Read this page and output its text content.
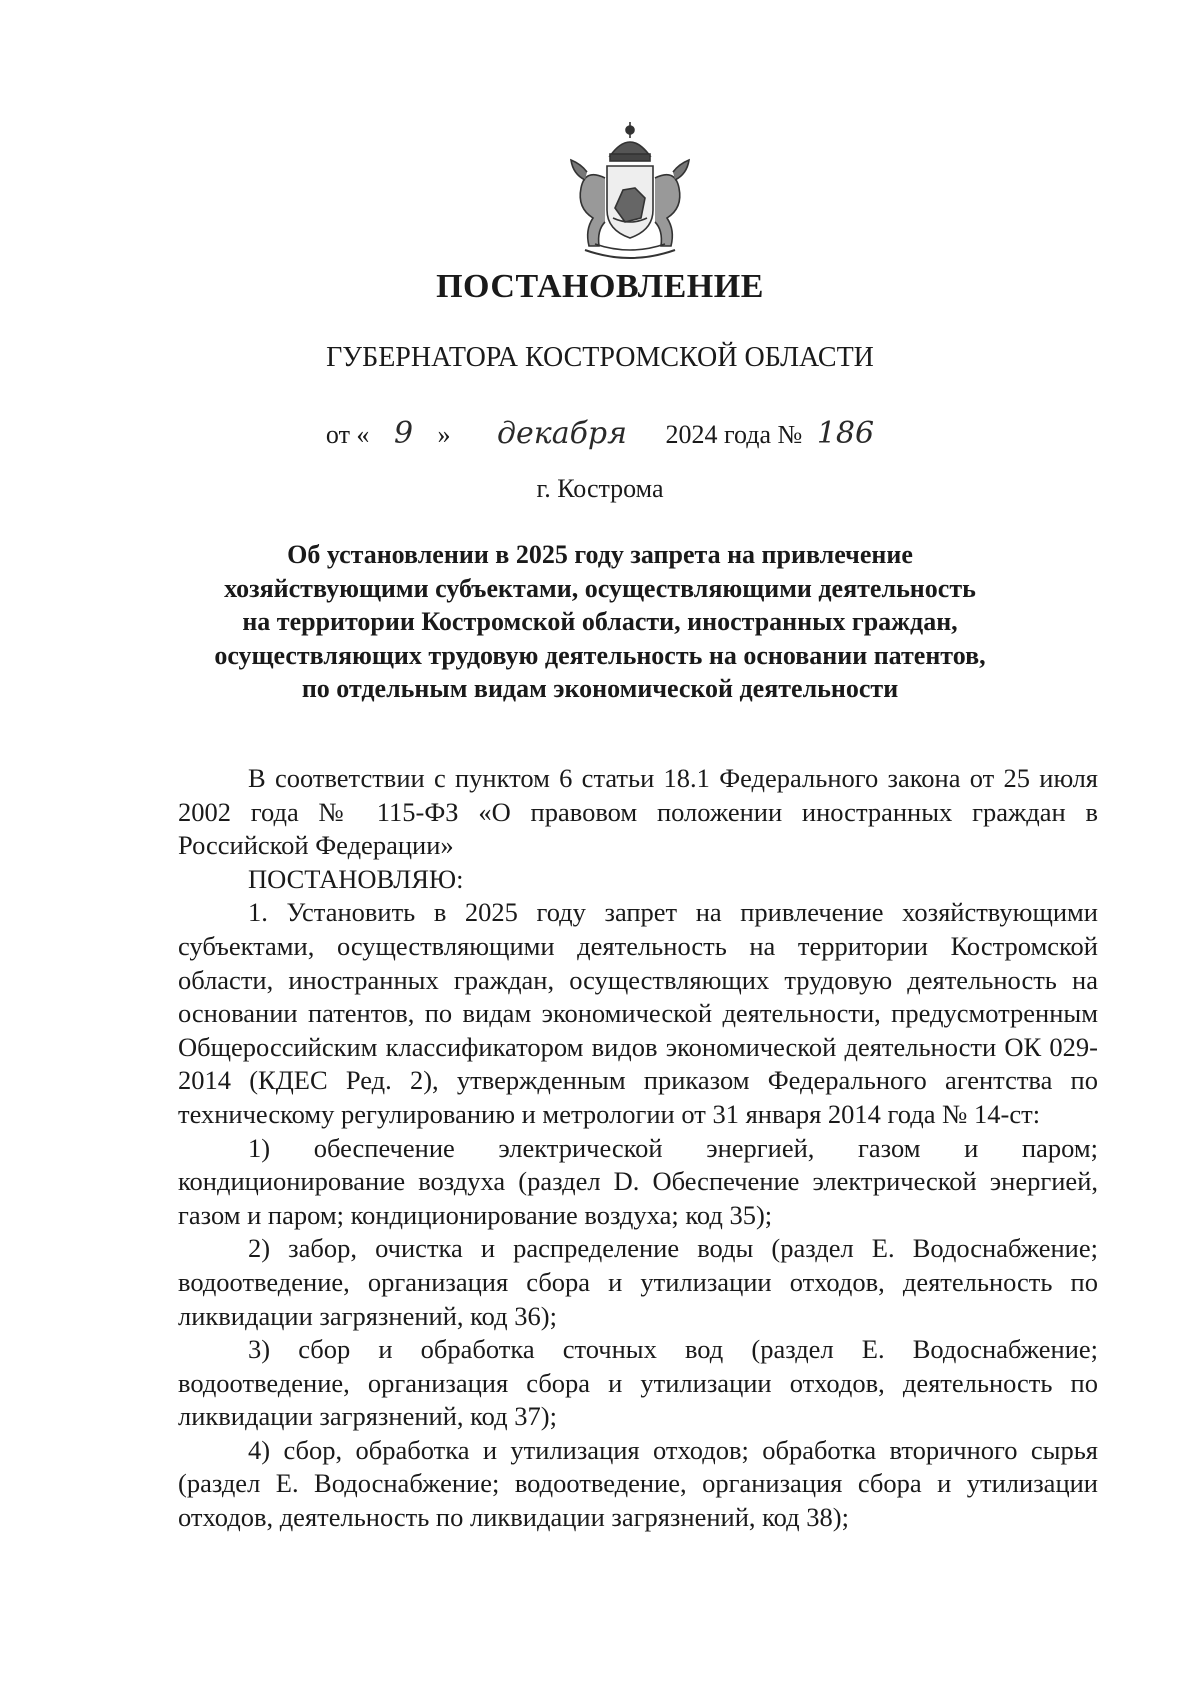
ПОСТАНОВЛЕНИЕ
ГУБЕРНАТОРА КОСТРОМСКОЙ ОБЛАСТИ
от « 9 » декабря 2024 года № 186
г. Кострома
Об установлении в 2025 году запрета на привлечение
хозяйствующими субъектами, осуществляющими деятельность
на территории Костромской области, иностранных граждан,
осуществляющих трудовую деятельность на основании патентов,
по отдельным видам экономической деятельности

В соответствии с пунктом 6 статьи 18.1 Федерального закона от 25 июля 2002 года № 115-ФЗ «О правовом положении иностранных граждан в Российской Федерации»

ПОСТАНОВЛЯЮ:

1. Установить в 2025 году запрет на привлечение хозяйствующими субъектами, осуществляющими деятельность на территории Костромской области, иностранных граждан, осуществляющих трудовую деятельность на основании патентов, по видам экономической деятельности, предусмотренным Общероссийским классификатором видов экономической деятельности ОК 029-2014 (КДЕС Ред. 2), утвержденным приказом Федерального агентства по техническому регулированию и метрологии от 31 января 2014 года № 14-ст:

1) обеспечение электрической энергией, газом и паром; кондиционирование воздуха (раздел D. Обеспечение электрической энергией, газом и паром; кондиционирование воздуха; код 35);

2) забор, очистка и распределение воды (раздел E. Водоснабжение; водоотведение, организация сбора и утилизации отходов, деятельность по ликвидации загрязнений, код 36);

3) сбор и обработка сточных вод (раздел E. Водоснабжение; водоотведение, организация сбора и утилизации отходов, деятельность по ликвидации загрязнений, код 37);

4) сбор, обработка и утилизация отходов; обработка вторичного сырья (раздел E. Водоснабжение; водоотведение, организация сбора и утилизации отходов, деятельность по ликвидации загрязнений, код 38);
